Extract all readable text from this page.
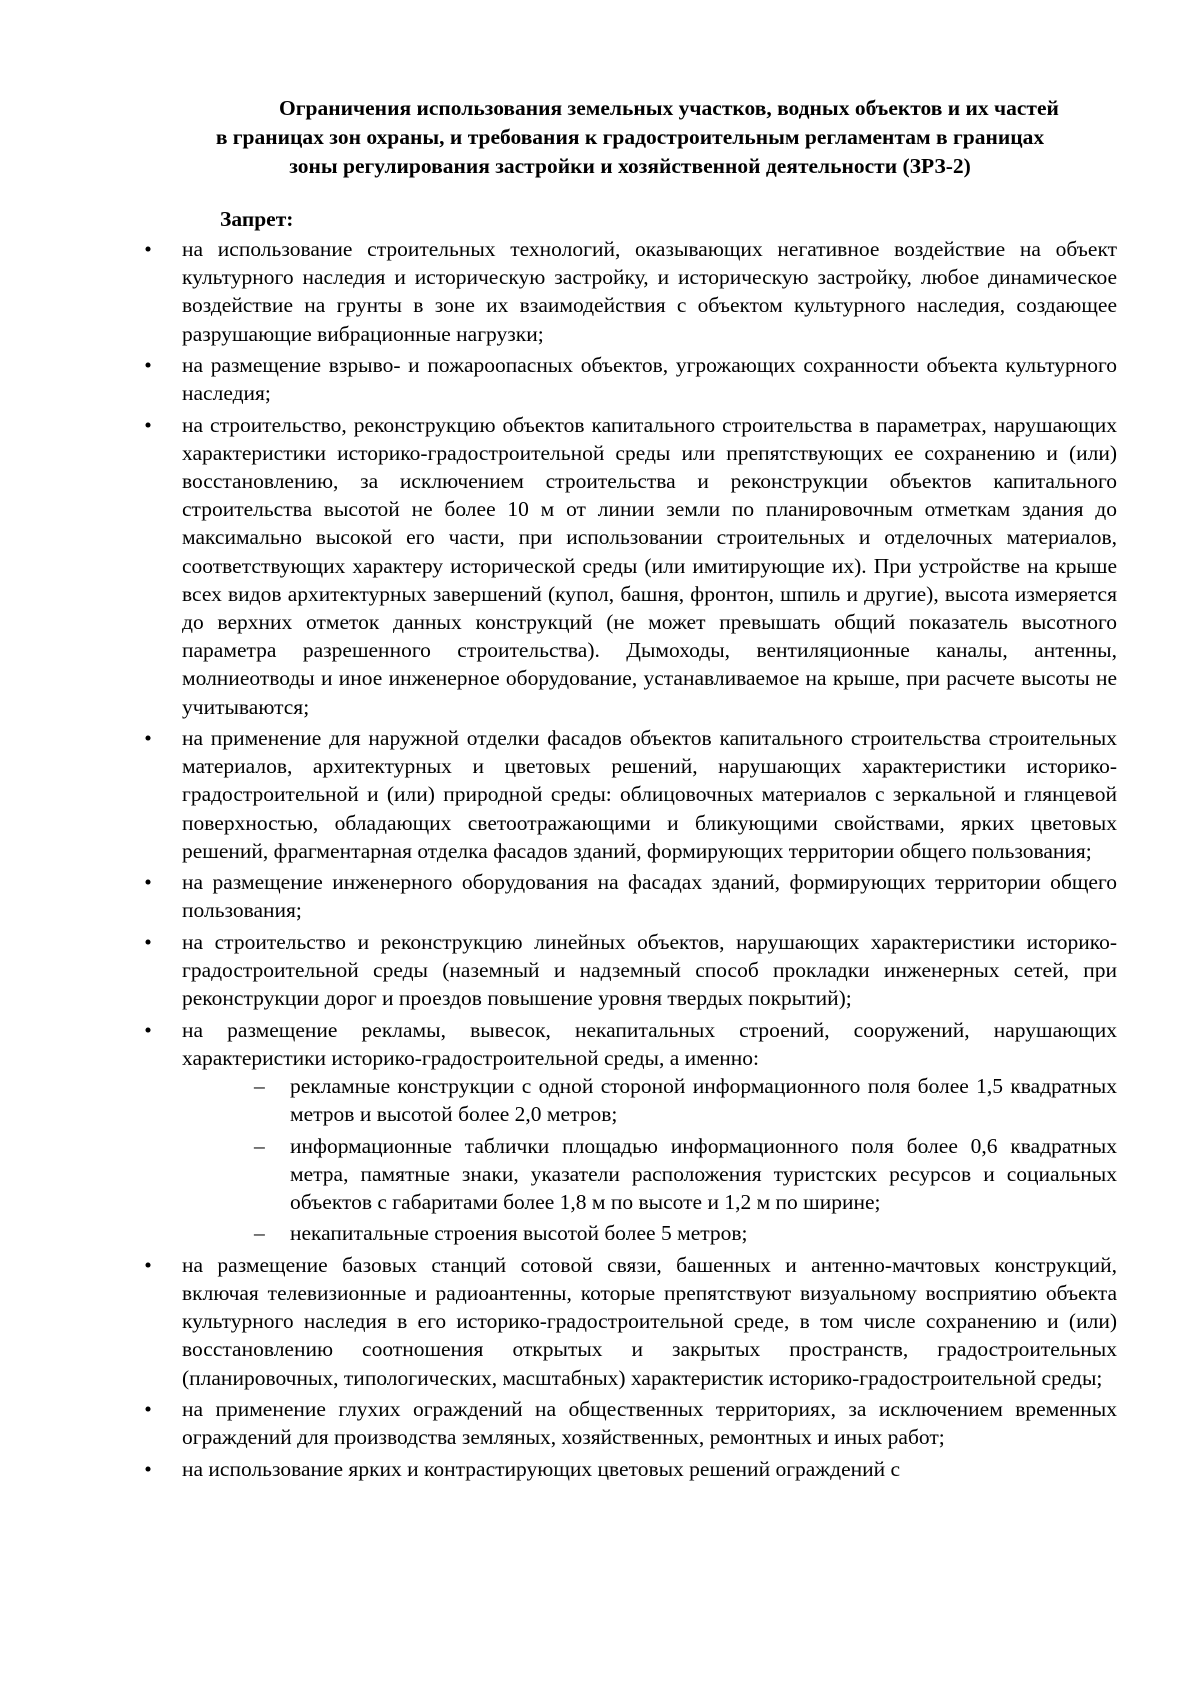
Ограничения использования земельных участков, водных объектов и их частей
в границах зон охраны, и требования к градостроительным регламентам в границах
зоны регулирования застройки и хозяйственной деятельности (ЗРЗ-2)

Запрет:

• на использование строительных технологий, оказывающих негативное воздействие на объект культурного наследия и историческую застройку, и историческую застройку, любое динамическое воздействие на грунты в зоне их взаимодействия с объектом культурного наследия, создающее разрушающие вибрационные нагрузки;
• на размещение взрыво- и пожароопасных объектов, угрожающих сохранности объекта культурного наследия;
• на строительство, реконструкцию объектов капитального строительства в параметрах, нарушающих характеристики историко-градостроительной среды или препятствующих ее сохранению и (или) восстановлению, за исключением строительства и реконструкции объектов капитального строительства высотой не более 10 м от линии земли по планировочным отметкам здания до максимально высокой его части, при использовании строительных и отделочных материалов, соответствующих характеру исторической среды (или имитирующие их). При устройстве на крыше всех видов архитектурных завершений (купол, башня, фронтон, шпиль и другие), высота измеряется до верхних отметок данных конструкций (не может превышать общий показатель высотного параметра разрешенного строительства). Дымоходы, вентиляционные каналы, антенны, молниеотводы и иное инженерное оборудование, устанавливаемое на крыше, при расчете высоты не учитываются;
• на применение для наружной отделки фасадов объектов капитального строительства строительных материалов, архитектурных и цветовых решений, нарушающих характеристики историко-градостроительной и (или) природной среды: облицовочных материалов с зеркальной и глянцевой поверхностью, обладающих светоотражающими и бликующими свойствами, ярких цветовых решений, фрагментарная отделка фасадов зданий, формирующих территории общего пользования;
• на размещение инженерного оборудования на фасадах зданий, формирующих территории общего пользования;
• на строительство и реконструкцию линейных объектов, нарушающих характеристики историко-градостроительной среды (наземный и надземный способ прокладки инженерных сетей, при реконструкции дорог и проездов повышение уровня твердых покрытий);
• на размещение рекламы, вывесок, некапитальных строений, сооружений, нарушающих характеристики историко-градостроительной среды, а именно:
– рекламные конструкции с одной стороной информационного поля более 1,5 квадратных метров и высотой более 2,0 метров;
– информационные таблички площадью информационного поля более 0,6 квадратных метра, памятные знаки, указатели расположения туристских ресурсов и социальных объектов с габаритами более 1,8 м по высоте и 1,2 м по ширине;
– некапитальные строения высотой более 5 метров;
• на размещение базовых станций сотовой связи, башенных и антенно-мачтовых конструкций, включая телевизионные и радиоантенны, которые препятствуют визуальному восприятию объекта культурного наследия в его историко-градостроительной среде, в том числе сохранению и (или) восстановлению соотношения открытых и закрытых пространств, градостроительных (планировочных, типологических, масштабных) характеристик историко-градостроительной среды;
• на применение глухих ограждений на общественных территориях, за исключением временных ограждений для производства земляных, хозяйственных, ремонтных и иных работ;
• на использование ярких и контрастирующих цветовых решений ограждений с
